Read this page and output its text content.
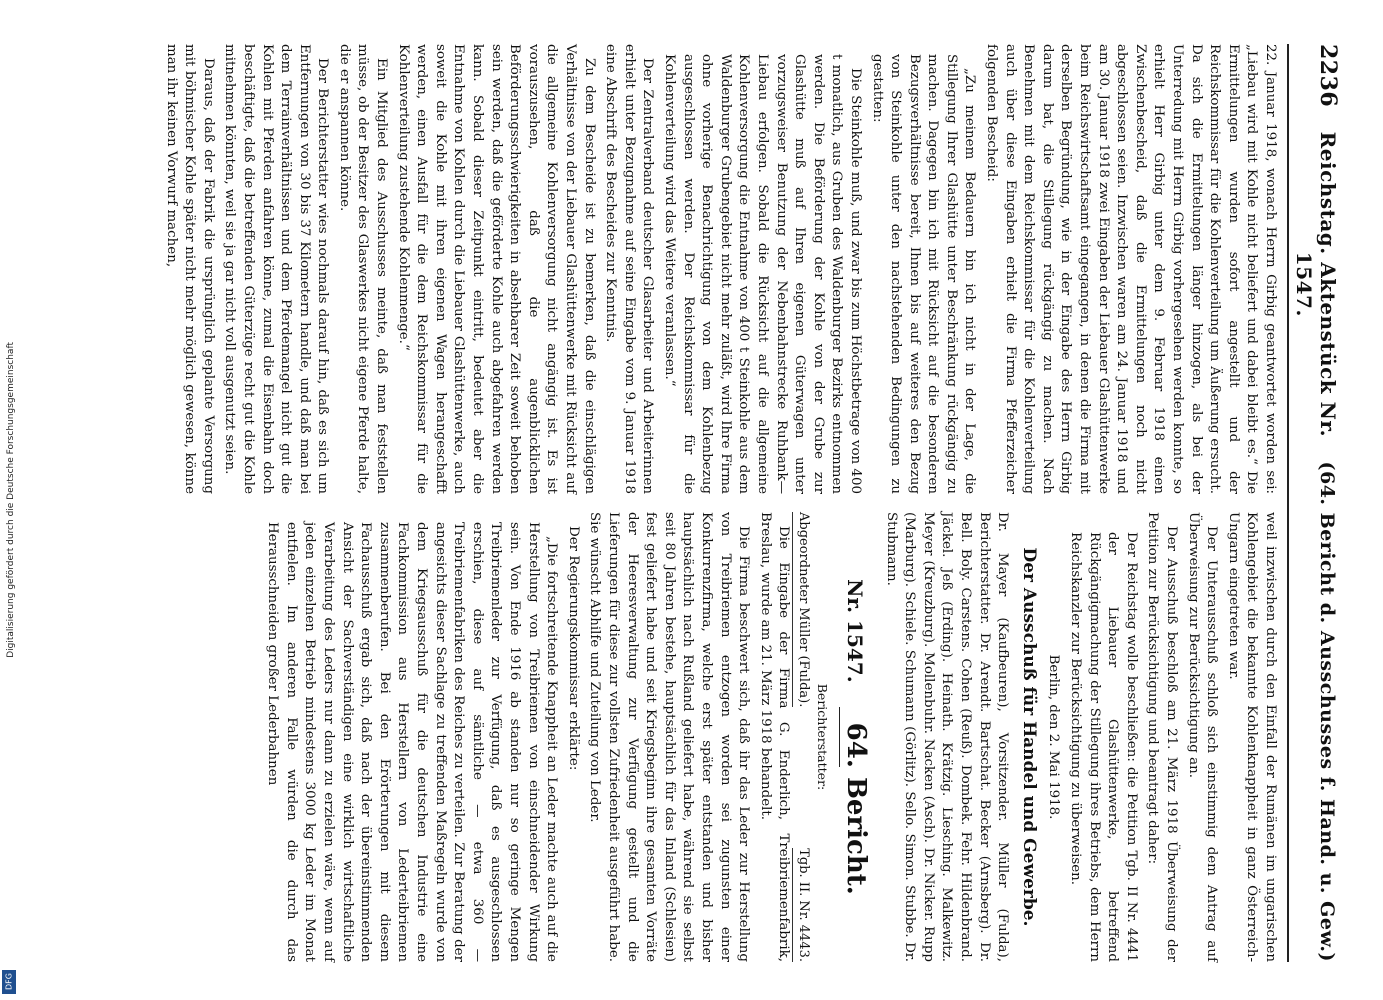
Digitalisierung gefördert durch die Deutsche Forschungsgemeinschaft
DFG
2236
Reichstag. Aktenstück Nr. 1547.
(64. Bericht d. Ausschusses f. Hand. u. Gew.)

22. Januar 1918, wonach Herrn Girbig geantwortet worden sei: „Liebau wird mit Kohle nicht beliefert und dabei bleibt es.“ Die Ermittelungen wurden sofort angestellt und der Reichskommissar für die Kohlenverteilung um Äußerung ersucht. Da sich die Ermittelungen länger hinzogen, als bei der Unterredung mit Herrn Girbig vorhergesehen werden konnte, so erhielt Herr Girbig unter dem 9. Februar 1918 einen Zwischenbescheid, daß die Ermittelungen noch nicht abgeschlossen seien. Inzwischen waren am 24. Januar 1918 und am 30. Januar 1918 zwei Eingaben der Liebauer Glashüttenwerke beim Reichswirtschaftsamt eingegangen, in denen die Firma mit derselben Begründung, wie in der Eingabe des Herrn Girbig darum bat, die Stillegung rückgängig zu machen. Nach Benehmen mit dem Reichskommissar für die Kohlenverteilung auch über diese Eingaben erhielt die Firma Pfefferzeicher folgenden Bescheid:

„Zu meinem Bedauern bin ich nicht in der Lage, die Stillegung Ihrer Glashütte unter Beschränkung rückgängig zu machen. Dagegen bin ich mit Rücksicht auf die besonderen Bezugsverhältnisse bereit, Ihnen bis auf weiteres den Bezug von Steinkohle unter den nachstehenden Bedingungen zu gestatten:

Die Steinkohle muß, und zwar bis zum Höchstbetrage von 400 t monatlich, aus Gruben des Waldenburger Bezirks entnommen werden. Die Beförderung der Kohle von der Grube zur Glashütte muß auf Ihren eigenen Güterwagen unter vorzugsweiser Benutzung der Nebenbahnstrecke Ruhbank—Liebau erfolgen. Sobald die Rücksicht auf die allgemeine Kohlenversorgung die Entnahme von 400 t Steinkohle aus dem Waldenburger Grubengebiet nicht mehr zuläßt, wird Ihre Firma ohne vorherige Benachrichtigung von dem Kohlenbezug ausgeschlossen werden. Der Reichskommissar für die Kohlenverteilung wird das Weitere veranlassen.“

Der Zentralverband deutscher Glasarbeiter und Arbeiterinnen erhielt unter Bezugnahme auf seine Eingabe vom 9. Januar 1918 eine Abschrift des Bescheides zur Kenntnis.

Zu dem Bescheide ist zu bemerken, daß die einschlägigen Verhältnisse von der Liebauer Glashüttenwerke mit Rücksicht auf die allgemeine Kohlenversorgung nicht angängig ist. Es ist vorauszusehen, daß die augenblicklichen Beförderungsschwierigkeiten in absehbarer Zeit soweit behoben sein werden, daß die geförderte Kohle auch abgefahren werden kann. Sobald dieser Zeitpunkt eintritt, bedeutet aber die Entnahme von Kohlen durch die Liebauer Glashüttenwerke, auch soweit die Kohle mit ihren eigenen Wagen herangeschafft werden, einen Ausfall für die dem Reichskommissar für die Kohlenverteilung zustehende Kohlenmenge.“

Ein Mitglied des Ausschusses meinte, daß man feststellen müsse, ob der Besitzer des Glaswerkes nicht eigene Pferde halte, die er anspannen könne.

Der Berichterstatter wies nochmals darauf hin, daß es sich um Entfernungen von 30 bis 37 Kilometern handle, und daß man bei dem Terrainverhältnissen und dem Pferdemangel nicht gut die Kohlen mit Pferden anfahren könne, zumal die Eisenbahn doch beschäftigte, daß die betreffenden Güterzüge recht gut die Kohle mitnehmen könnten, weil sie ja gar nicht voll ausgenutzt seien.

Daraus, daß der Fabrik die ursprünglich geplante Versorgung mit böhmischer Kohle später nicht mehr möglich gewesen, könne man ihr keinen Vorwurf machen,

weil inzwischen durch den Einfall der Rumänen im ungarischen Kohlengebiet die bekannte Kohlenknappheit in ganz Österreich-Ungarn eingetreten war.

Der Unterausschuß schloß sich einstimmig dem Antrag auf Überweisung zur Berücksichtigung an.

Der Ausschuß beschloß am 21. März 1918 Überweisung der Petition zur Berücksichtigung und beantragt daher:

Der Reichstag wolle beschließen: die Petition Tgb. II Nr. 4441 der Liebauer Glashüttenwerke, betreffend Rückgängigmachung der Stillegung ihres Betriebs, dem Herrn Reichskanzler zur Berücksichtigung zu überweisen.

Berlin, den 2. Mai 1918.

Der Ausschuß für Handel und Gewerbe.
Dr. Mayer (Kaufbeuren), Vorsitzender. Müller (Fulda), Berichterstatter. Dr. Arendt. Bartschat. Becker (Arnsberg). Dr. Bell. Boly. Carstens. Cohen (Reuß). Dombek. Fehr. Hildenbrand. Jäckel. Jeß (Erding). Heinath. Krätzig. Liesching. Malkewitz. Meyer (Kreuzburg). Mollenbuhr. Nacken (Asch). Dr. Nicker. Rupp (Marburg). Schiele. Schumann (Görlitz). Sello. Simon. Stubbe. Dr. Stubmann.
Nr. 1547.
64. Bericht.
Berichterstatter:
Abgeordneter Müller (Fulda).
Tgb. II. Nr. 4443.

Die Eingabe der Firma G. Enderlich, Treibriemenfabrik, Breslau, wurde am 21. März 1918 behandelt.

Die Firma beschwert sich, daß ihr das Leder zur Herstellung von Treibriemen entzogen worden sei zugunsten einer Konkurrenzfirma, welche erst später entstanden und bisher hauptsächlich nach Rußland geliefert habe, während sie selbst seit 80 Jahren bestehe, hauptsächlich für das Inland (Schlesien) fest geliefert habe und seit Kriegsbeginn ihre gesamten Vorräte der Heeresverwaltung zur Verfügung gestellt und die Lieferungen für diese zur vollsten Zufriedenheit ausgeführt habe. Sie wünscht Abhilfe und Zuteilung von Leder.

Der Regierungskommissar erklärte:

„Die fortschreitende Knappheit an Leder machte auch auf die Herstellung von Treibriemen von einschneidender Wirkung sein. Von Ende 1916 ab standen nur so geringe Mengen Treibriemenleder zur Verfügung, daß es ausgeschlossen erschien, diese auf sämtliche — etwa 360 — Treibriemenfabriken des Reiches zu verteilen. Zur Beratung der angesichts dieser Sachlage zu treffenden Maßregeln wurde von dem Kriegsausschuß für die deutschen Industrie eine Fachkommission aus Herstellern von Lederteibriemen zusammenberufen. Bei den Erörterungen mit diesem Fachausschuß ergab sich, daß nach der übereinstimmenden Ansicht der Sachverständigen eine wirklich wirtschaftliche Verarbeitung des Leders nur dann zu erzielen wäre, wenn auf jeden einzelnen Betrieb mindestens 3000 kg Leder im Monat entfielen. Im anderen Falle würden die durch das Herausschneiden großer Lederbahnen
